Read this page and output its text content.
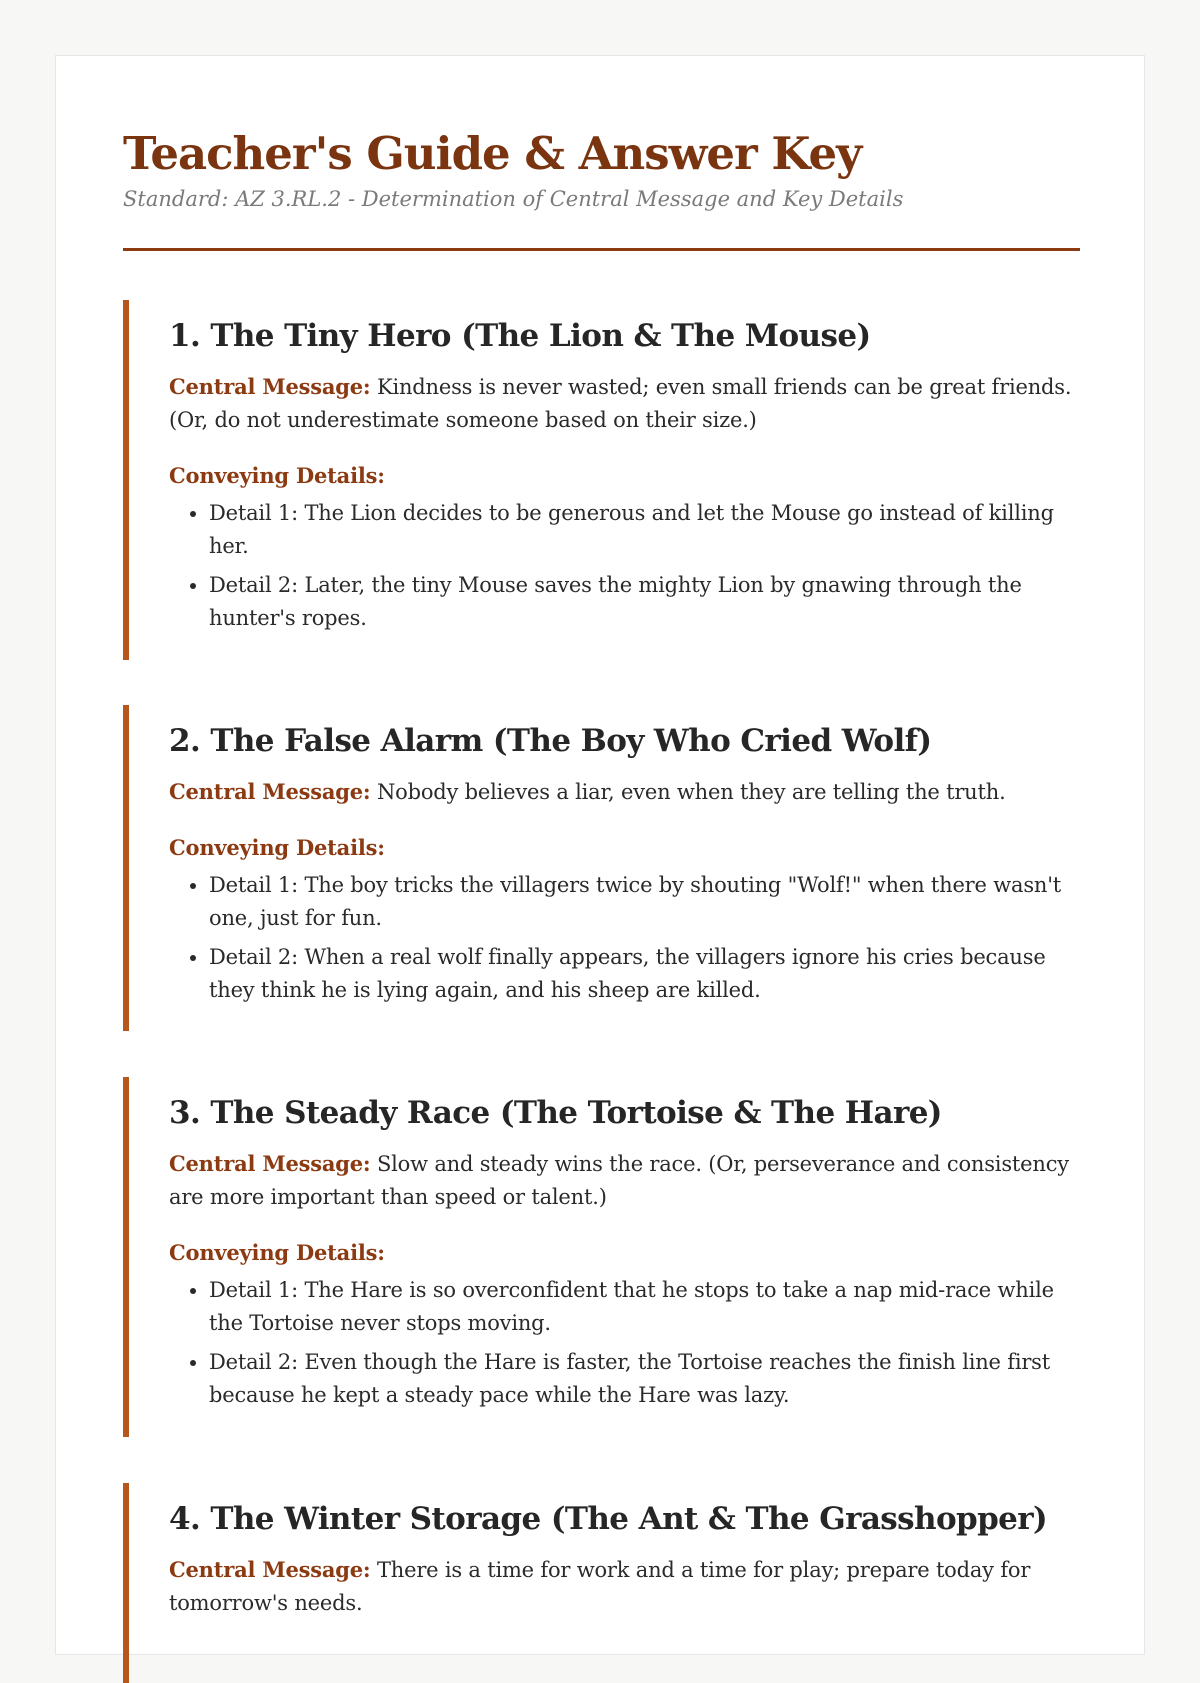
Teacher's Guide & Answer Key
Standard: AZ 3.RL.2 - Determination of Central Message and Key Details
1. The Tiny Hero (The Lion & The Mouse)
Central Message: Kindness is never wasted; even small friends can be great friends. (Or, do not underestimate someone based on their size.)
Conveying Details:
• Detail 1: The Lion decides to be generous and let the Mouse go instead of killing her.
• Detail 2: Later, the tiny Mouse saves the mighty Lion by gnawing through the hunter's ropes.
2. The False Alarm (The Boy Who Cried Wolf)
Central Message: Nobody believes a liar, even when they are telling the truth.
Conveying Details:
• Detail 1: The boy tricks the villagers twice by shouting "Wolf!" when there wasn't one, just for fun.
• Detail 2: When a real wolf finally appears, the villagers ignore his cries because they think he is lying again, and his sheep are killed.
3. The Steady Race (The Tortoise & The Hare)
Central Message: Slow and steady wins the race. (Or, perseverance and consistency are more important than speed or talent.)
Conveying Details:
• Detail 1: The Hare is so overconfident that he stops to take a nap mid-race while the Tortoise never stops moving.
• Detail 2: Even though the Hare is faster, the Tortoise reaches the finish line first because he kept a steady pace while the Hare was lazy.
4. The Winter Storage (The Ant & The Grasshopper)
Central Message: There is a time for work and a time for play; prepare today for tomorrow's needs.
